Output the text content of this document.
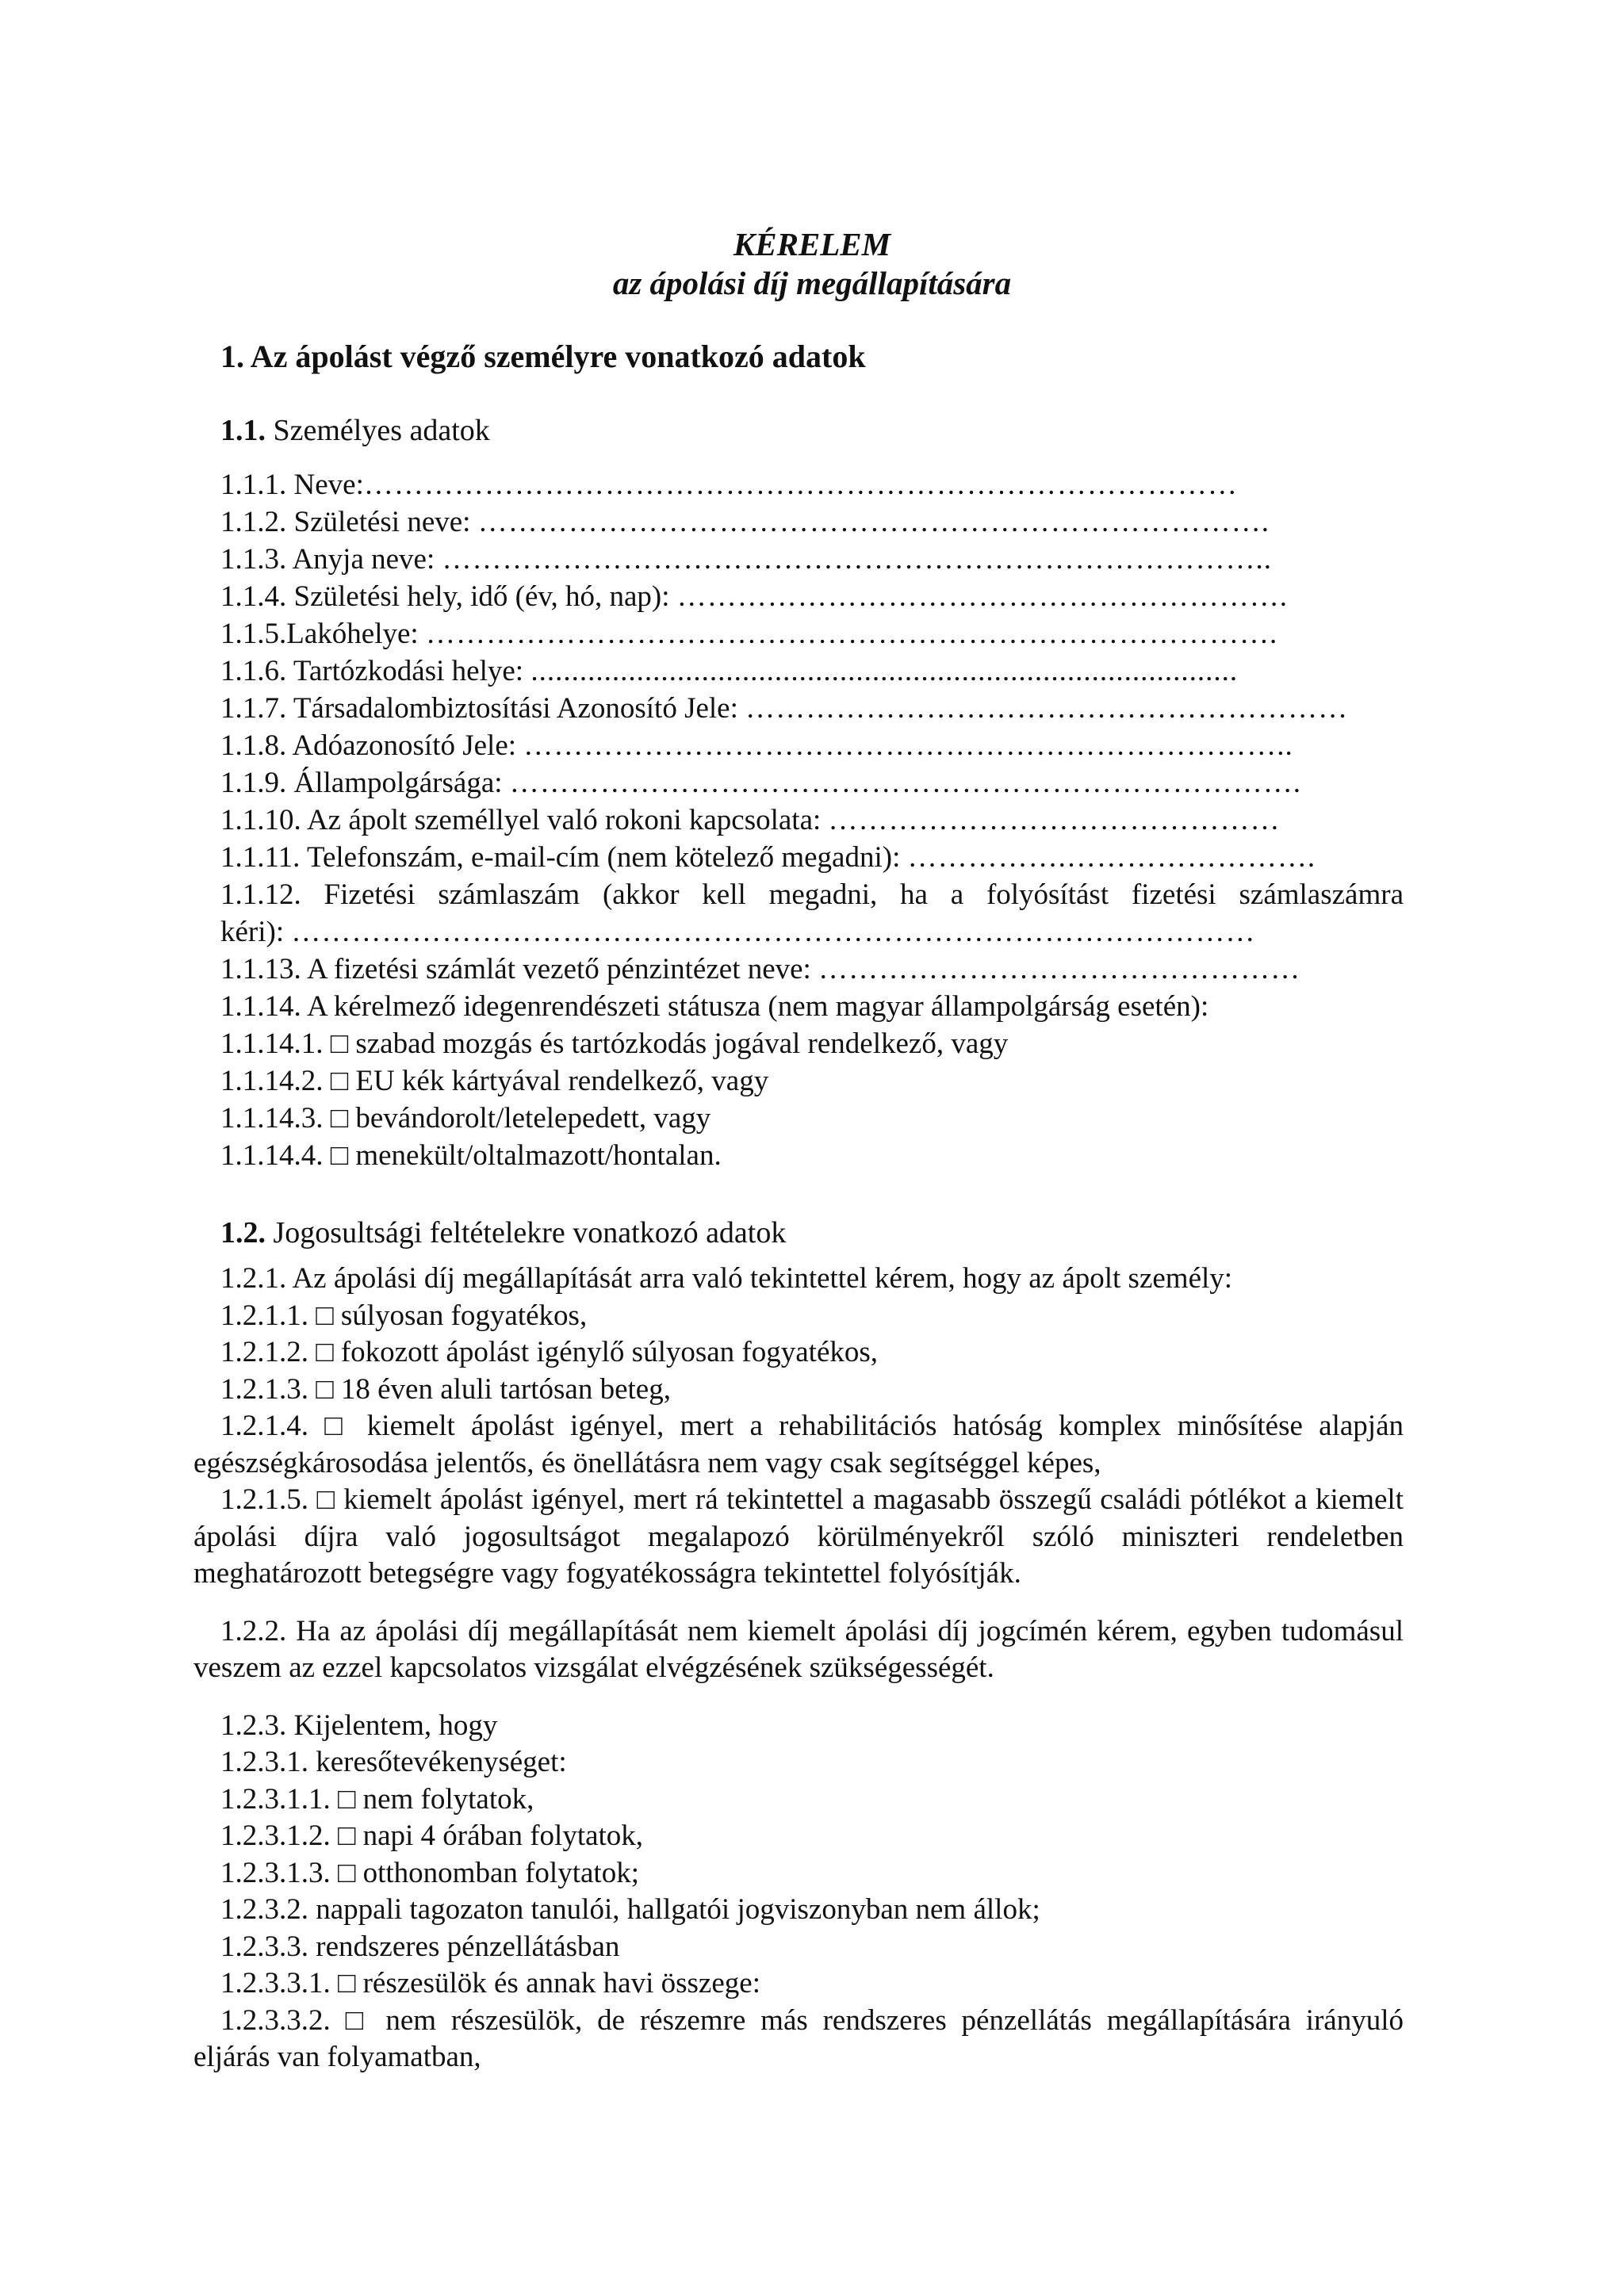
KÉRELEM
az ápolási díj megállapítására
1. Az ápolást végző személyre vonatkozó adatok
1.1. Személyes adatok
1.1.1. Neve:……………………………………………………………………………
1.1.2. Születési neve: …………………………………………………………………….
1.1.3. Anyja neve: ………………………………………………………………………..
1.1.4. Születési hely, idő (év, hó, nap): …………………………………………………….
1.1.5.Lakóhelye: ………………………………………………………………………….
1.1.6. Tartózkodási helye: .......................................................................................
1.1.7. Társadalombiztosítási Azonosító Jele: ……………………………………………………
1.1.8. Adóazonosító Jele: …………………………………………………………………..
1.1.9. Állampolgársága: …………………………………………………………………….
1.1.10. Az ápolt személlyel való rokoni kapcsolata: ………………………………………
1.1.11. Telefonszám, e-mail-cím (nem kötelező megadni): …………….…………………….
1.1.12. Fizetési számlaszám (akkor kell megadni, ha a folyósítást fizetési számlaszámra
kéri): ……………………………………………………………………………………
1.1.13. A fizetési számlát vezető pénzintézet neve: …………………………………………
1.1.14. A kérelmező idegenrendészeti státusza (nem magyar állampolgárság esetén):
1.1.14.1. □ szabad mozgás és tartózkodás jogával rendelkező, vagy
1.1.14.2. □ EU kék kártyával rendelkező, vagy
1.1.14.3. □ bevándorolt/letelepedett, vagy
1.1.14.4. □ menekült/oltalmazott/hontalan.
1.2. Jogosultsági feltételekre vonatkozó adatok
1.2.1. Az ápolási díj megállapítását arra való tekintettel kérem, hogy az ápolt személy:
1.2.1.1. □ súlyosan fogyatékos,
1.2.1.2. □ fokozott ápolást igénylő súlyosan fogyatékos,
1.2.1.3. □ 18 éven aluli tartósan beteg,
1.2.1.4. □ kiemelt ápolást igényel, mert a rehabilitációs hatóság komplex minősítése alapján egészségkárosodása jelentős, és önellátásra nem vagy csak segítséggel képes,
1.2.1.5. □ kiemelt ápolást igényel, mert rá tekintettel a magasabb összegű családi pótlékot a kiemelt ápolási díjra való jogosultságot megalapozó körülményekről szóló miniszteri rendeletben meghatározott betegségre vagy fogyatékosságra tekintettel folyósítják.
1.2.2. Ha az ápolási díj megállapítását nem kiemelt ápolási díj jogcímén kérem, egyben tudomásul veszem az ezzel kapcsolatos vizsgálat elvégzésének szükségességét.
1.2.3. Kijelentem, hogy
1.2.3.1. keresőtevékenységet:
1.2.3.1.1. □ nem folytatok,
1.2.3.1.2. □ napi 4 órában folytatok,
1.2.3.1.3. □ otthonomban folytatok;
1.2.3.2. nappali tagozaton tanulói, hallgatói jogviszonyban nem állok;
1.2.3.3. rendszeres pénzellátásban
1.2.3.3.1. □ részesülök és annak havi összege:
1.2.3.3.2. □ nem részesülök, de részemre más rendszeres pénzellátás megállapítására irányuló eljárás van folyamatban,
